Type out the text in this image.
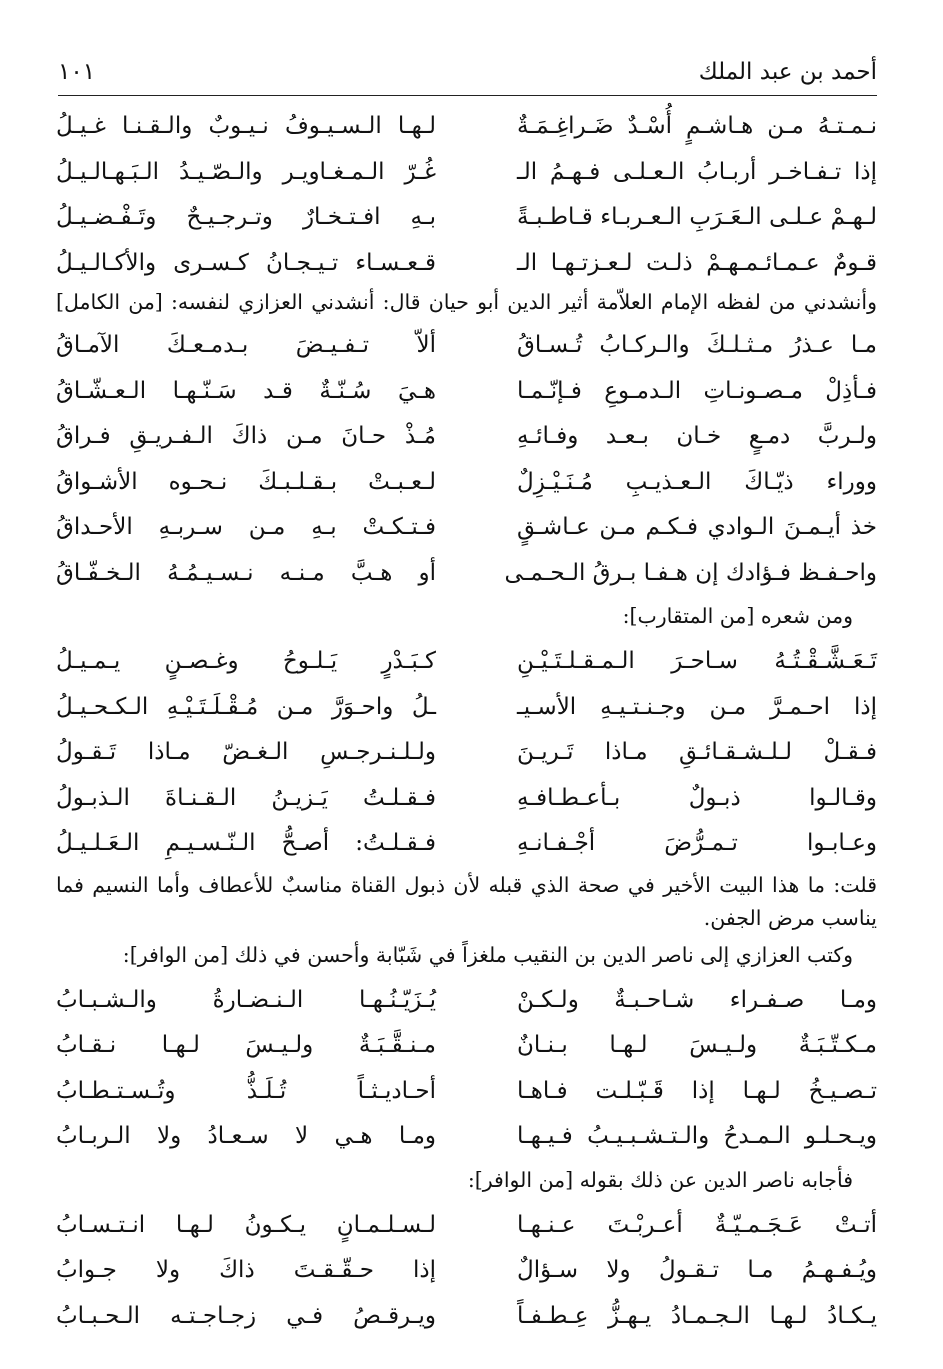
أحمد بن عبد الملك
١٠١
نـمـتـهُ مـن هـاشـمٍ أُسْـدٌ ضَـراغِـمَـةٌ
لـهـا الـسـيـوفُ نـيـوبٌ والـقـنـا غـيـلُ
إذا تـفـاخـر أربـابُ الـعـلـى فـهـمُ الـ
غُـرّ الـمـغـاويـر والـصّـيـدُ الـبَـهـالـيـلُ
لـهـمْ عـلـى الـعَـرَبِ الـعـربـاء قـاطـبـةً
بـهِ افـتـخـارٌ وتـرجـيـحٌ وتَـفْـضـيـلُ
قـومٌ عـمـائـمـهـمْ ذلـت لـعـزتـهـا الـ
قـعـسـاء تـيـجـانُ كـسـرى والأكـالـيـلُ
وأنشدني من لفظه الإمام العلاّمة أثير الدين أبو حيان قال: أنشدني العزازي لنفسه: [من الكامل]
مـا عـذرُ مـثـلـكَ والـركـابُ تُـسـاقُ
ألاّ تـفـيـضَ بـدمـعـكَ الآمـاقُ
فـأذِلْ مـصـونـاتِ الـدمـوعِ فـإنّـمـا
هـيَ سُـنّـةٌ قـد سَـنّـهـا الـعـشّـاقُ
ولـربَّ دمـعٍ خـان بـعـد وفـائـهِ
مُـذْ حـانَ مـن ذاكَ الـفـريـقِ فـراقُ
ووراء ذيّـاكَ الـعـذيـبِ مُـنَـيْـزِلٌ
لـعـبـتْ بـقـلـبـكَ نـحـوه الأشـواقُ
خذ أيـمـنَ الـوادي فـكـم مـن عـاشـقٍ
فـتـكـتْ بـهِ مـن سـربـهِ الأحـداقُ
واحـفـظ فـؤادك إن هـفـا بـرقُ الـحـمـى
أو هـبَّ مـنـه نـسـيـمُـهُ الـخـفّـاقُ
ومن شعره [من المتقارب]:
تَـعَـشَّـقْـتُـهُ سـاحـرَ الـمـقـلـتَـيْـنِ
كـبَـدْرٍ يَـلـوحُ وغـصـنٍ يـمـيـلُ
إذا احـمـرَّ مـن وجـنـتـيـهِ الأسـيـ
ـلُ واحـوَرَّ مـن مُـقْـلَـتَـيْـهِ الـكـحـيـلُ
فـقـلْ لـلـشـقـائـقِ مـاذا تَـريـنَ
ولـلـنـرجـسِ الـغـضّ مـاذا تَـقـولُ
وقـالـوا ذبـولٌ بـأعـطـافـهِ
فـقـلـتُ يَـزيـنُ الـقـنـاةَ الـذبـولُ
وعـابـوا تـمـرُّضَ أجْـفـانـهِ
فـقـلـتُ: أصـحُّ الـنّـسـيـمِ الـعَـلـيـلُ
قلت: ما هذا البيت الأخير في صحة الذي قبله لأن ذبول القناة مناسبٌ للأعطاف وأما النسيم فما يناسب مرض الجفن.
وكتب العزازي إلى ناصر الدين بن النقيب ملغزاً في شَبّابة وأحسن في ذلك [من الوافر]:
ومـا صـفـراء شـاحـبـةٌ ولـكـنْ
يُـزَيّـنُـهـا الـنـضـارةُ والـشـبـابُ
مـكـتّـبَـةٌ ولـيـسَ لـهـا بـنـانٌ
مـنـقَّـبَـةٌ ولـيـسَ لـهـا نـقـابُ
تـصـيـخُ لـهـا إذا قَـبّـلـت فـاهـا
أحـاديـثـاً تُـلَـذُّ وتُـسـتـطـابُ
ويـحـلـو الـمـدحُ والـتـشـبـيـبُ فـيـهـا
ومـا هـي لا سـعـادُ ولا الـربـابُ
فأجابه ناصر الدين عن ذلك بقوله [من الوافر]:
أتـتْ عَـجَـمـيّـةٌ أعـربْـتَ عـنـهـا
لـسـلـمـانٍ يـكـونُ لـهـا انـتـسـابُ
ويُـفـهـمُ مـا تـقـولُ ولا سـؤالٌ
إذا حـقّـقـتَ ذاكَ ولا جـوابُ
يـكـادُ لـهـا الـجـمـادُ يـهـزُّ عِـطـفـاً
ويـرقـصُ فـي زجـاجـتـه الـحـبـابُ
